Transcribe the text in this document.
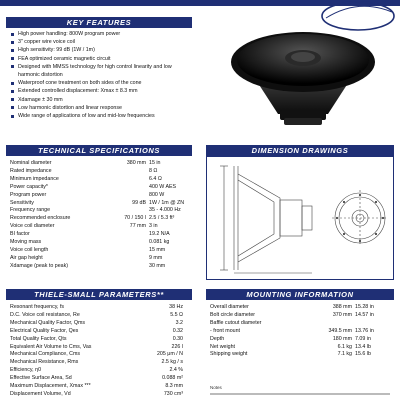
KEY FEATURES
High power handling: 800W program power
3" copper wire voice coil
High sensitivity: 99 dB (1W / 1m)
FEA optimized ceramic magnetic circuit
Designed with MMSS technology for high control linearity and low harmonic distortion
Waterproof cone treatment on both sides of the cone
Extended controlled displacement: Xmax ± 8.3 mm
Xdamage ± 30 mm
Low harmonic distortion and linear response
Wide range of applications of low and mid-low frequencies
TECHNICAL SPECIFICATIONS
Nominal diameter	380 mm	15 in
Rated impedance		8 Ω
Minimum impedance		6.4 Ω
Power capacity*		400 W AES
Program power		800 W
Sensitivity	99 dB	1W / 1m @ ZN
Frequency range		35 - 4.000 Hz
Recommended enclosure	70 / 150 l	2.5 / 5.3 ft³
Voice coil diameter	77 mm	3 in
BI factor		19.2 N/A
Moving mass		0.081 kg
Voice coil length		15 mm
Air gap height		9 mm
Xdamage (peak to peak)		30 mm
DIMENSION DRAWINGS
THIELE-SMALL PARAMETERS**
Resonant frequency, fs	38 Hz
D.C. Voice coil resistance, Re	5.5 Ω
Mechanical Quality Factor, Qms	3.2
Electrical Quality Factor, Qes	0.32
Total Quality Factor, Qts	0.30
Equivalent Air Volume to Cms, Vas	226 l
Mechanical Compliance, Cms	205 μm / N
Mechanical Resistance, Rms	2.5 kg / s
Efficiency, η0	2.4 %
Effective Surface Area, Sd	0.088 m²
Maximum Displacement, Xmax ***	8.3 mm
Displacement Volume, Vd	730 cm³
MOUNTING INFORMATION
Overall diameter	388 mm	15.28 in
Bolt circle diameter	370 mm	14.57 in
Baffle cutout diameter		
- front mount	349.5 mm	13.76 in
Depth	180 mm	7.09 in
Net weight	6.1 kg	13.4 lb
Shipping weight	7.1 kg	15.6 lb
Notes
